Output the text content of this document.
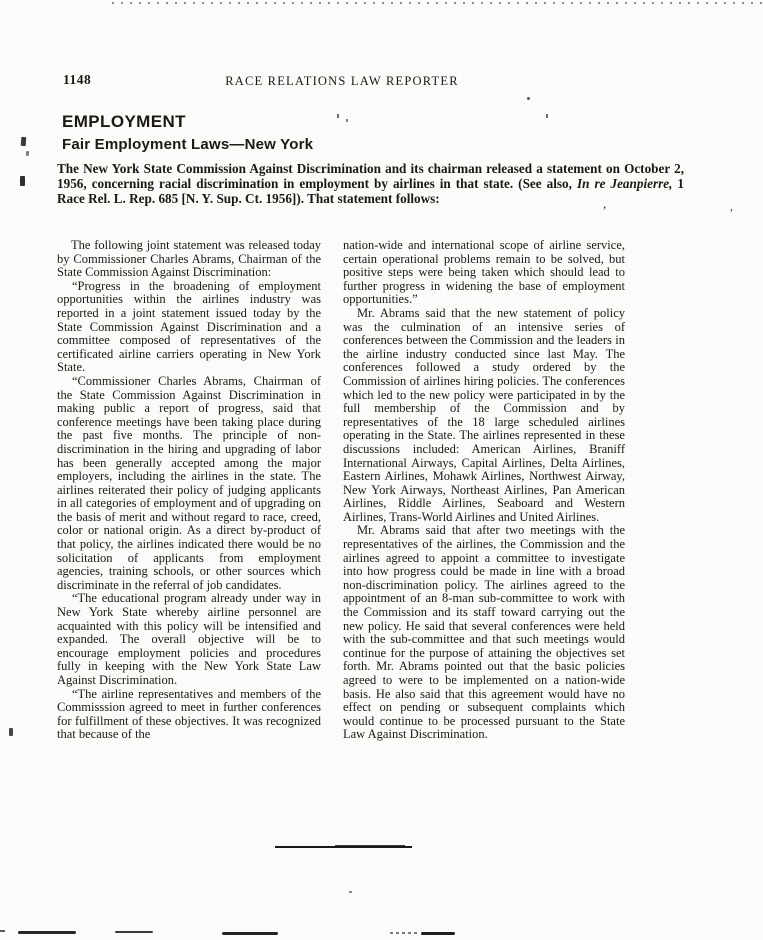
1148	RACE RELATIONS LAW REPORTER
EMPLOYMENT
Fair Employment Laws—New York

The New York State Commission Against Discrimination and its chairman released a statement on October 2, 1956, concerning racial discrimination in employment by airlines in that state. (See also, In re Jeanpierre, 1 Race Rel. L. Rep. 685 [N. Y. Sup. Ct. 1956]). That statement follows:

The following joint statement was released today by Commissioner Charles Abrams, Chairman of the State Commission Against Discrimination:

“Progress in the broadening of employment opportunities within the airlines industry was reported in a joint statement issued today by the State Commission Against Discrimination and a committee composed of representatives of the certificated airline carriers operating in New York State.

“Commissioner Charles Abrams, Chairman of the State Commission Against Discrimination in making public a report of progress, said that conference meetings have been taking place during the past five months. The principle of non-discrimination in the hiring and upgrading of labor has been generally accepted among the major employers, including the airlines in the state. The airlines reiterated their policy of judging applicants in all categories of employment and of upgrading on the basis of merit and without regard to race, creed, color or national origin. As a direct by-product of that policy, the airlines indicated there would be no solicitation of applicants from employment agencies, training schools, or other sources which discriminate in the referral of job candidates.

“The educational program already under way in New York State whereby airline personnel are acquainted with this policy will be intensified and expanded. The overall objective will be to encourage employment policies and procedures fully in keeping with the New York State Law Against Discrimination.

“The airline representatives and members of the Commisssion agreed to meet in further conferences for fulfillment of these objectives. It was recognized that because of the

nation-wide and international scope of airline service, certain operational problems remain to be solved, but positive steps were being taken which should lead to further progress in widening the base of employment opportunities.”

Mr. Abrams said that the new statement of policy was the culmination of an intensive series of conferences between the Commission and the leaders in the airline industry conducted since last May. The conferences followed a study ordered by the Commission of airlines hiring policies. The conferences which led to the new policy were participated in by the full membership of the Commission and by representatives of the 18 large scheduled airlines operating in the State. The airlines represented in these discussions included: American Airlines, Braniff International Airways, Capital Airlines, Delta Airlines, Eastern Airlines, Mohawk Airlines, Northwest Airway, New York Airways, Northeast Airlines, Pan American Airlines, Riddle Airlines, Seaboard and Western Airlines, Trans-World Airlines and United Airlines.

Mr. Abrams said that after two meetings with the representatives of the airlines, the Commission and the airlines agreed to appoint a committee to investigate into how progress could be made in line with a broad non-discrimination policy. The airlines agreed to the appointment of an 8-man sub-committee to work with the Commission and its staff toward carrying out the new policy. He said that several conferences were held with the sub-committee and that such meetings would continue for the purpose of attaining the objectives set forth. Mr. Abrams pointed out that the basic policies agreed to were to be implemented on a nation-wide basis. He also said that this agreement would have no effect on pending or subsequent complaints which would continue to be processed pursuant to the State Law Against Discrimination.

,	,
